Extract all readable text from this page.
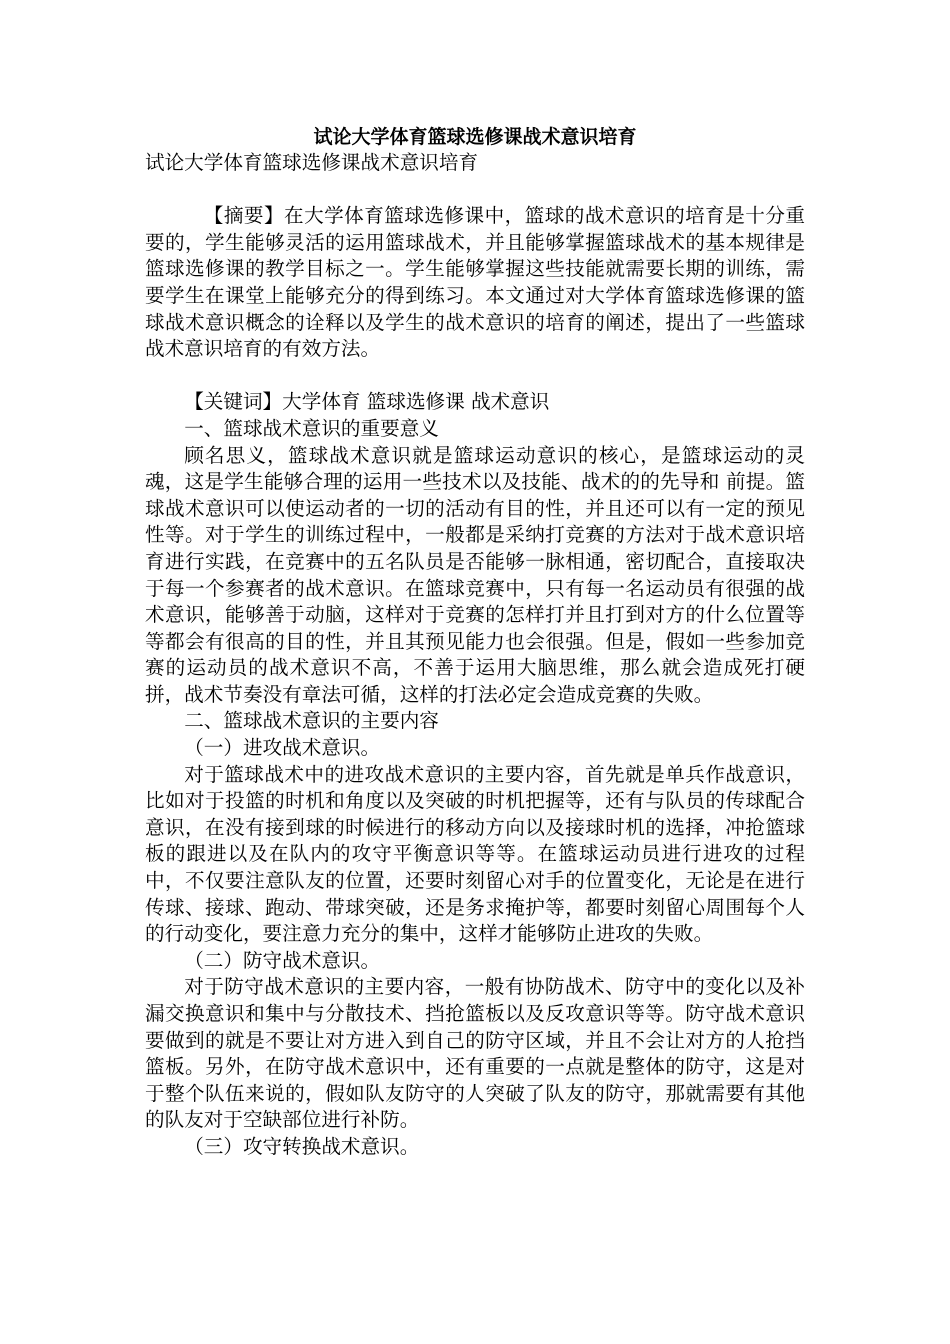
试论大学体育篮球选修课战术意识培育

试论大学体育篮球选修课战术意识培育

【摘要】在大学体育篮球选修课中，篮球的战术意识的培育是十分重要的，学生能够灵活的运用篮球战术，并且能够掌握篮球战术的基本规律是篮球选修课的教学目标之一。学生能够掌握这些技能就需要长期的训练，需要学生在课堂上能够充分的得到练习。本文通过对大学体育篮球选修课的篮球战术意识概念的诠释以及学生的战术意识的培育的阐述，提出了一些篮球战术意识培育的有效方法。

【关键词】大学体育 篮球选修课 战术意识

一、篮球战术意识的重要意义

顾名思义，篮球战术意识就是篮球运动意识的核心，是篮球运动的灵魂，这是学生能够合理的运用一些技术以及技能、战术的的先导和 前提。篮球战术意识可以使运动者的一切的活动有目的性，并且还可以有一定的预见性等。对于学生的训练过程中，一般都是采纳打竞赛的方法对于战术意识培育进行实践，在竞赛中的五名队员是否能够一脉相通，密切配合，直接取决于每一个参赛者的战术意识。在篮球竞赛中，只有每一名运动员有很强的战术意识，能够善于动脑，这样对于竞赛的怎样打并且打到对方的什么位置等等都会有很高的目的性，并且其预见能力也会很强。但是，假如一些参加竞赛的运动员的战术意识不高，不善于运用大脑思维，那么就会造成死打硬拼，战术节奏没有章法可循，这样的打法必定会造成竞赛的失败。

二、篮球战术意识的主要内容

（一）进攻战术意识。

对于篮球战术中的进攻战术意识的主要内容，首先就是单兵作战意识，比如对于投篮的时机和角度以及突破的时机把握等，还有与队员的传球配合意识，在没有接到球的时候进行的移动方向以及接球时机的选择，冲抢篮球板的跟进以及在队内的攻守平衡意识等等。在篮球运动员进行进攻的过程中，不仅要注意队友的位置，还要时刻留心对手的位置变化，无论是在进行传球、接球、跑动、带球突破，还是务求掩护等，都要时刻留心周围每个人的行动变化，要注意力充分的集中，这样才能够防止进攻的失败。

（二）防守战术意识。

对于防守战术意识的主要内容，一般有协防战术、防守中的变化以及补漏交换意识和集中与分散技术、挡抢篮板以及反攻意识等等。防守战术意识要做到的就是不要让对方进入到自己的防守区域，并且不会让对方的人抢挡篮板。另外，在防守战术意识中，还有重要的一点就是整体的防守，这是对于整个队伍来说的，假如队友防守的人突破了队友的防守，那就需要有其他的队友对于空缺部位进行补防。

（三）攻守转换战术意识。
